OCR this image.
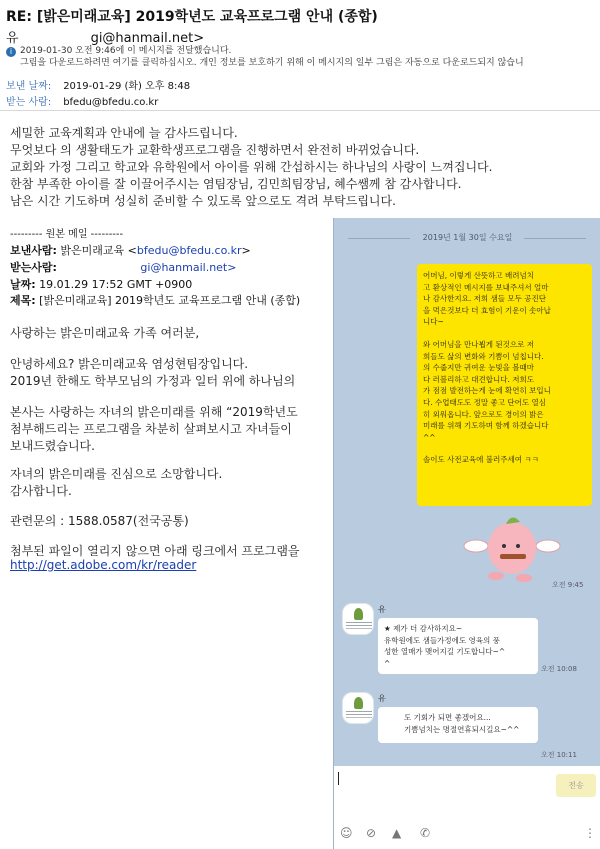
RE: [밝은미래교육] 2019학년도 교육프로그램 안내 (종합)
유	gi@hanmail.net>
i 2019-01-30 오전 9:46에 이 메시지를 전달했습니다.
그림을 다운로드하려면 여기를 클릭하십시오. 개인 정보를 보호하기 위해 이 메시지의 일부 그림은 자동으로 다운로드되지 않습니
보낸 날짜: 2019-01-29 (화) 오후 8:48
받는 사람: bfedu@bfedu.co.kr
세밀한 교육계획과 안내에 늘 감사드립니다.
무엇보다 의 생활태도가 교환학생프로그램을 진행하면서 완전히 바뀌었습니다.
교회와 가정 그리고 학교와 유학원에서 아이를 위해 간섭하시는 하나님의 사랑이 느껴집니다.
한참 부족한 아이를 잘 이끌어주시는 염팀장님, 김민희팀장님, 혜수쌤께 참 감사합니다.
남은 시간 기도하며 성실히 준비할 수 있도록 앞으로도 격려 부탁드립니다.
--------- 원본 메일 ---------
보낸사람: 밝은미래교육 <bfedu@bfedu.co.kr>
받는사람:	gi@hanmail.net>
날짜: 19.01.29 17:52 GMT +0900
제목: [밝은미래교육] 2019학년도 교육프로그램 안내 (종합)
사랑하는 밝은미래교육 가족 여러분,
안녕하세요? 밝은미래교육 염성현팀장입니다.
2019년 한해도 학부모님의 가정과 일터 위에 하나님의
본사는 사랑하는 자녀의 밝은미래를 위해 “2019학년도
첨부해드리는 프로그램을 차분히 살펴보시고 자녀들이
보내드렸습니다.
자녀의 밝은미래를 진심으로 소망합니다.
감사합니다.
관련문의 : 1588.0587(전국공통)
첨부된 파일이 열리지 않으면 아래 링크에서 프로그램을
http://get.adobe.com/kr/reader
2019년 1월 30일 수요일
어머님, 이렇게 산뜻하고 배려넘치
고 환상적인 메시지를 보내주셔서 얼마
나 감사한지요. 저희 샘들 모두 공진단
을 먹은것보다 더 효험이 기운이 솟아납
니다~
와 어머님을 만나뵙게 된것으로 저
희들도 삶의 변화와 기쁨이 넘칩니다.
의 수줍지만 귀여운 눈빛을 볼때마
다 러블리하고 대견합니다. 저희도
가 점점 발전하는게 눈에 확연히 보입니
다. 수업태도도 정말 좋고 단어도 열심
히 외워옵니다. 앞으로도 경이의 밝은
미래를 위해 기도하며 함께 하겠습니다
^^
솔이도 사전교육에 불러주세여 ㅋㅋ
오전 9:45
유
★ 제가 더 감사하지요~
유학원에도 샘들가정에도 영육의 풍
성한 열매가 맺어지길 기도합니다~^
^
오전 10:08
유
도 기회가 되면 좋겠어요...
기쁨넘치는 명절연휴되시길요~^^
오전 10:11
전송
☺ ⊘ ▲ ✆	⋮
